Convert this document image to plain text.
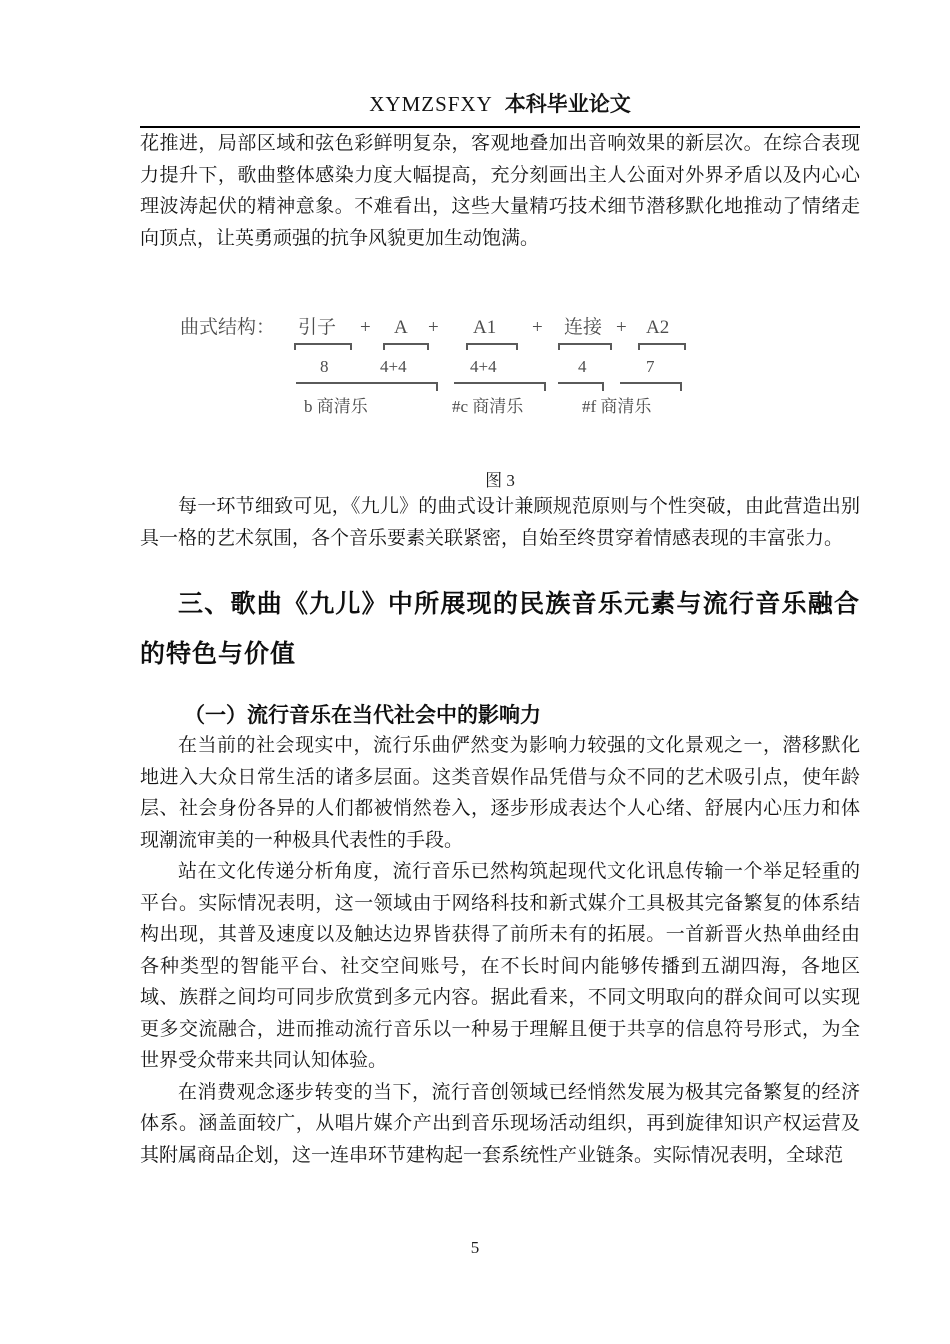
XYMZSFXY 本科毕业论文

花推进，局部区域和弦色彩鲜明复杂，客观地叠加出音响效果的新层次。在综合表现力提升下，歌曲整体感染力度大幅提高，充分刻画出主人公面对外界矛盾以及内心心理波涛起伏的精神意象。不难看出，这些大量精巧技术细节潜移默化地推动了情绪走向顶点，让英勇顽强的抗争风貌更加生动饱满。

曲式结构： 引子 + A + A1 + 连接 + A2
8	4+4	4+4	4	7
b 商清乐	#c 商清乐	#f 商清乐
图 3

每一环节细致可见，《九儿》的曲式设计兼顾规范原则与个性突破，由此营造出别具一格的艺术氛围，各个音乐要素关联紧密，自始至终贯穿着情感表现的丰富张力。

三、歌曲《九儿》中所展现的民族音乐元素与流行音乐融合的特色与价值
（一）流行音乐在当代社会中的影响力

在当前的社会现实中，流行乐曲俨然变为影响力较强的文化景观之一，潜移默化地进入大众日常生活的诸多层面。这类音娱作品凭借与众不同的艺术吸引点，使年龄层、社会身份各异的人们都被悄然卷入，逐步形成表达个人心绪、舒展内心压力和体现潮流审美的一种极具代表性的手段。

站在文化传递分析角度，流行音乐已然构筑起现代文化讯息传输一个举足轻重的平台。实际情况表明，这一领域由于网络科技和新式媒介工具极其完备繁复的体系结构出现，其普及速度以及触达边界皆获得了前所未有的拓展。一首新晋火热单曲经由各种类型的智能平台、社交空间账号，在不长时间内能够传播到五湖四海，各地区域、族群之间均可同步欣赏到多元内容。据此看来，不同文明取向的群众间可以实现更多交流融合，进而推动流行音乐以一种易于理解且便于共享的信息符号形式，为全世界受众带来共同认知体验。

在消费观念逐步转变的当下，流行音创领域已经悄然发展为极其完备繁复的经济体系。涵盖面较广，从唱片媒介产出到音乐现场活动组织，再到旋律知识产权运营及其附属商品企划，这一连串环节建构起一套系统性产业链条。实际情况表明，全球范

5
